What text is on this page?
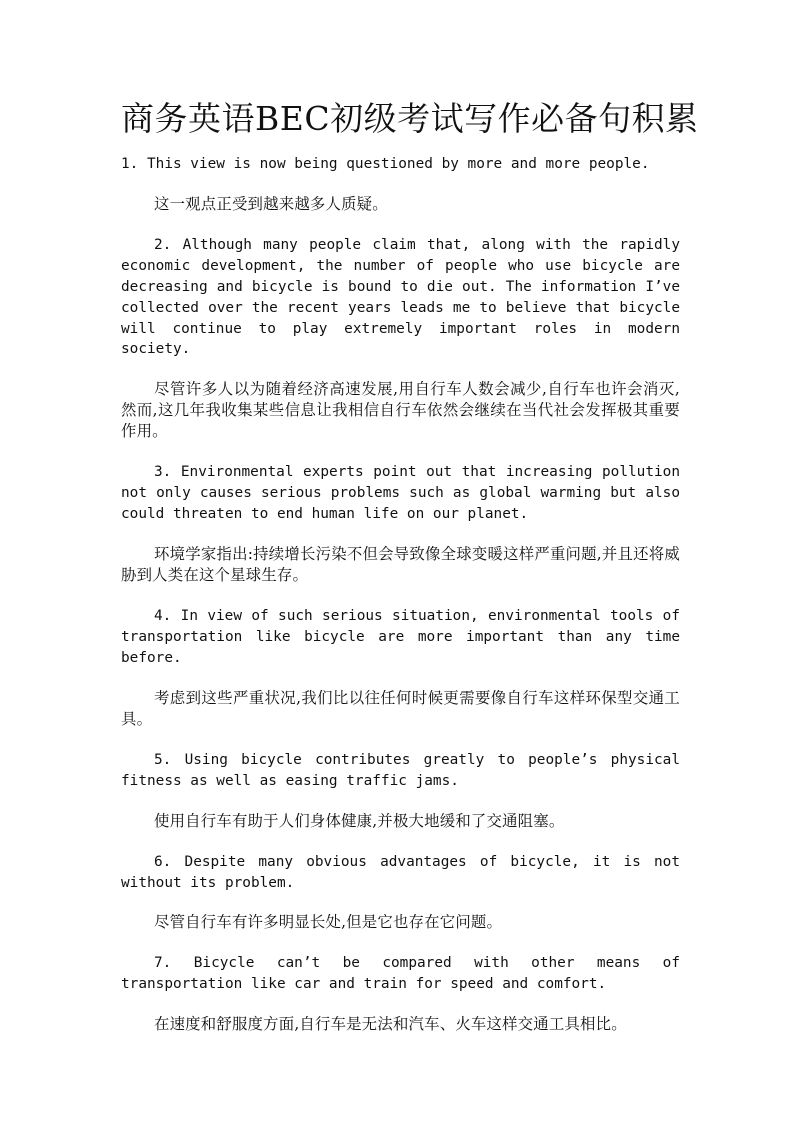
商务英语BEC初级考试写作必备句积累

1. This view is now being questioned by more and more people.

这一观点正受到越来越多人质疑。

2. Although many people claim that, along with the rapidly economic development, the number of people who use bicycle are decreasing and bicycle is bound to die out. The information I’ve collected over the recent years leads me to believe that bicycle will continue to play extremely important roles in modern society.

尽管许多人以为随着经济高速发展,用自行车人数会减少,自行车也许会消灭, 然而,这几年我收集某些信息让我相信自行车依然会继续在当代社会发挥极其重要作用。

3. Environmental experts point out that increasing pollution not only causes serious problems such as global warming but also could threaten to end human life on our planet.

环境学家指出:持续增长污染不但会导致像全球变暖这样严重问题,并且还将威胁到人类在这个星球生存。

4. In view of such serious situation, environmental tools of transportation like bicycle are more important than any time before.

考虑到这些严重状况,我们比以往任何时候更需要像自行车这样环保型交通工具。

5. Using bicycle contributes greatly to people’s physical fitness as well as easing traffic jams.

使用自行车有助于人们身体健康,并极大地缓和了交通阻塞。

6. Despite many obvious advantages of bicycle, it is not without its problem.

尽管自行车有许多明显长处,但是它也存在它问题。

7. Bicycle can’t be compared with other means of transportation like car and train for speed and comfort.

在速度和舒服度方面,自行车是无法和汽车、火车这样交通工具相比。
